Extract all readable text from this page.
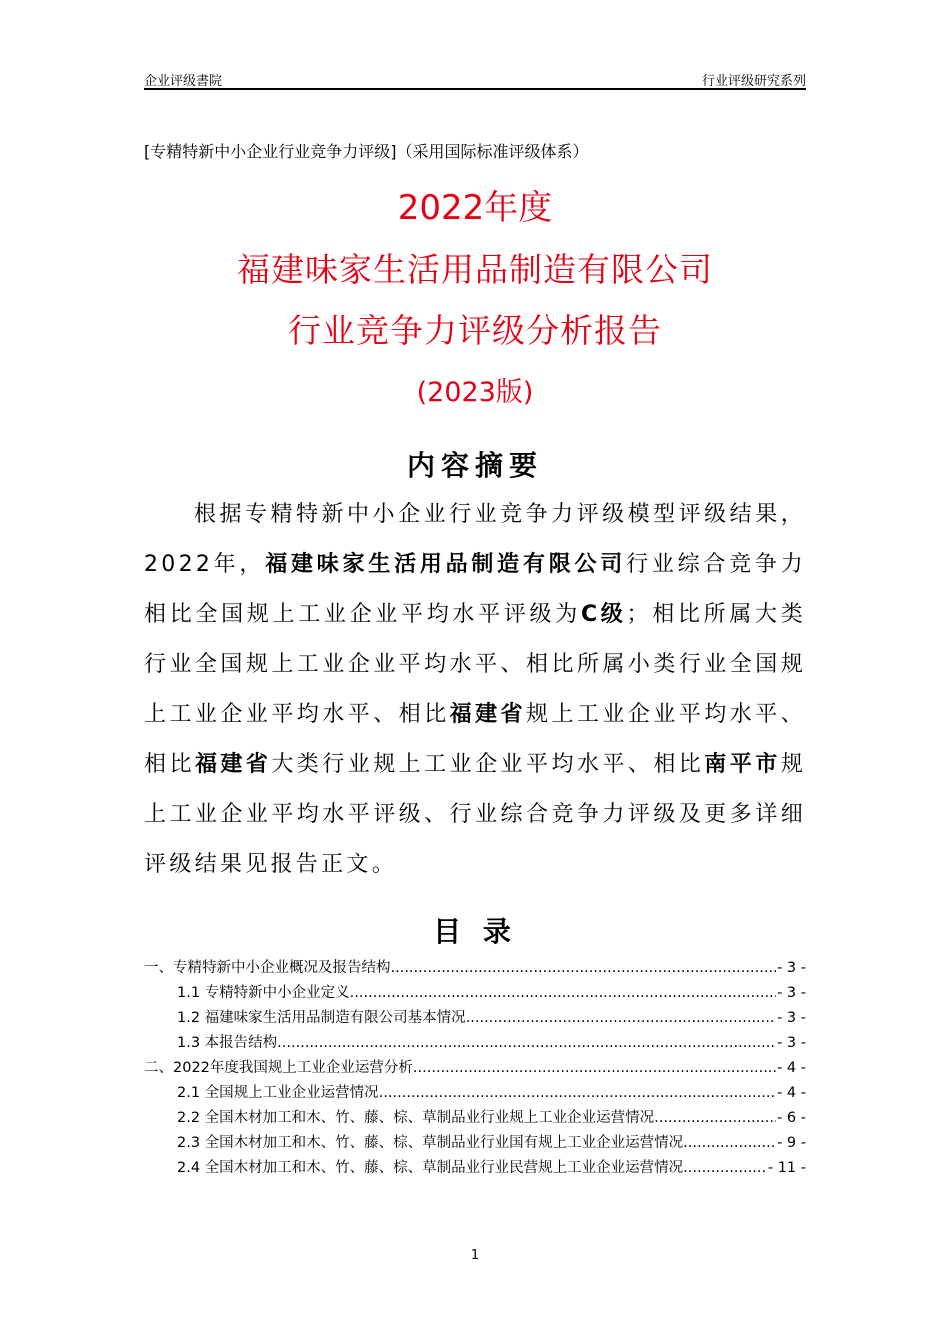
企业评级書院	行业评级研究系列
[专精特新中小企业行业竞争力评级]（采用国际标准评级体系）
2022年度
福建味家生活用品制造有限公司
行业竞争力评级分析报告
(2023版)
内容摘要

根据专精特新中小企业行业竞争力评级模型评级结果，2022年，福建味家生活用品制造有限公司行业综合竞争力相比全国规上工业企业平均水平评级为C级；相比所属大类行业全国规上工业企业平均水平、相比所属小类行业全国规上工业企业平均水平、相比福建省规上工业企业平均水平、相比福建省大类行业规上工业企业平均水平、相比南平市规上工业企业平均水平评级、行业综合竞争力评级及更多详细评级结果见报告正文。

目 录
一、专精特新中小企业概况及报告结构 .....	- 3 -
1.1 专精特新中小企业定义 .....	- 3 -
1.2 福建味家生活用品制造有限公司基本情况 .....	- 3 -
1.3 本报告结构 .....	- 3 -
二、2022年度我国规上工业企业运营分析 .....	- 4 -
2.1 全国规上工业企业运营情况 .....	- 4 -
2.2 全国木材加工和木、竹、藤、棕、草制品业行业规上工业企业运营情况 .....	- 6 -
2.3 全国木材加工和木、竹、藤、棕、草制品业行业国有规上工业企业运营情况 .....	- 9 -
2.4 全国木材加工和木、竹、藤、棕、草制品业行业民营规上工业企业运营情况 .....	- 11 -
1
